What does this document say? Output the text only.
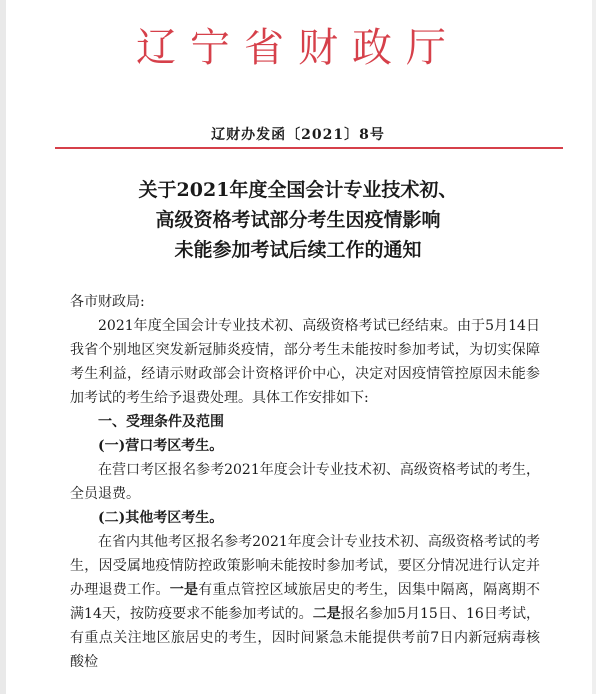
辽宁省财政厅
辽财办发函〔2021〕8号
关于2021年度全国会计专业技术初、
高级资格考试部分考生因疫情影响
未能参加考试后续工作的通知

各市财政局:

2021年度全国会计专业技术初、高级资格考试已经结束。由于5月14日我省个别地区突发新冠肺炎疫情，部分考生未能按时参加考试，为切实保障考生利益，经请示财政部会计资格评价中心，决定对因疫情管控原因未能参加考试的考生给予退费处理。具体工作安排如下:

一、受理条件及范围

(一)营口考区考生。

在营口考区报名参考2021年度会计专业技术初、高级资格考试的考生，全员退费。

(二)其他考区考生。

在省内其他考区报名参考2021年度会计专业技术初、高级资格考试的考生，因受属地疫情防控政策影响未能按时参加考试，要区分情况进行认定并办理退费工作。一是有重点管控区域旅居史的考生，因集中隔离，隔离期不满14天，按防疫要求不能参加考试的。二是报名参加5月15日、16日考试，有重点关注地区旅居史的考生，因时间紧急未能提供考前7日内新冠病毒核酸检
